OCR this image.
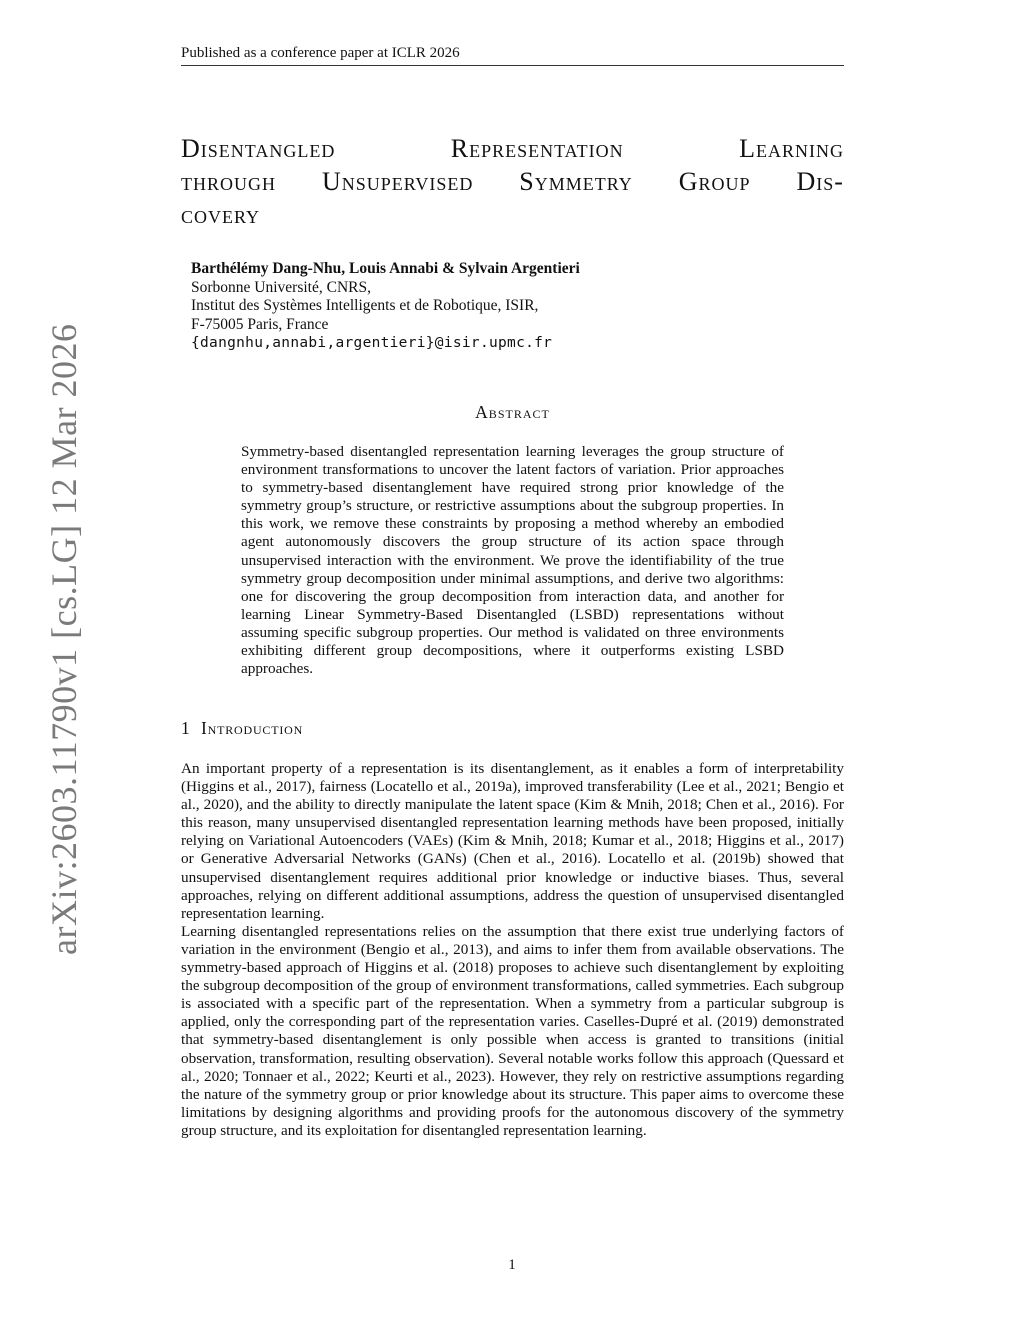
Published as a conference paper at ICLR 2026
arXiv:2603.11790v1 [cs.LG] 12 Mar 2026
Disentangled	Representation	Learning
through Unsupervised Symmetry Group Dis-
covery
Barthélémy Dang-Nhu, Louis Annabi & Sylvain Argentieri
Sorbonne Université, CNRS,
Institut des Systèmes Intelligents et de Robotique, ISIR,
F-75005 Paris, France
{dangnhu,annabi,argentieri}@isir.upmc.fr
Abstract
Symmetry-based disentangled representation learning leverages the group structure of environment transformations to uncover the latent factors of variation. Prior approaches to symmetry-based disentanglement have required strong prior knowledge of the symmetry group’s structure, or restrictive assumptions about the subgroup properties. In this work, we remove these constraints by proposing a method whereby an embodied agent autonomously discovers the group structure of its action space through unsupervised interaction with the environment. We prove the identifiability of the true symmetry group decomposition under minimal assumptions, and derive two algorithms: one for discovering the group decomposition from interaction data, and another for learning Linear Symmetry-Based Disentangled (LSBD) representations without assuming specific subgroup properties. Our method is validated on three environments exhibiting different group decompositions, where it outperforms existing LSBD approaches.
1 Introduction

An important property of a representation is its disentanglement, as it enables a form of interpretability (Higgins et al., 2017), fairness (Locatello et al., 2019a), improved transferability (Lee et al., 2021; Bengio et al., 2020), and the ability to directly manipulate the latent space (Kim & Mnih, 2018; Chen et al., 2016). For this reason, many unsupervised disentangled representation learning methods have been proposed, initially relying on Variational Autoencoders (VAEs) (Kim & Mnih, 2018; Kumar et al., 2018; Higgins et al., 2017) or Generative Adversarial Networks (GANs) (Chen et al., 2016). Locatello et al. (2019b) showed that unsupervised disentanglement requires additional prior knowledge or inductive biases. Thus, several approaches, relying on different additional assumptions, address the question of unsupervised disentangled representation learning.

Learning disentangled representations relies on the assumption that there exist true underlying factors of variation in the environment (Bengio et al., 2013), and aims to infer them from available observations. The symmetry-based approach of Higgins et al. (2018) proposes to achieve such disentanglement by exploiting the subgroup decomposition of the group of environment transformations, called symmetries. Each subgroup is associated with a specific part of the representation. When a symmetry from a particular subgroup is applied, only the corresponding part of the representation varies. Caselles-Dupré et al. (2019) demonstrated that symmetry-based disentanglement is only possible when access is granted to transitions (initial observation, transformation, resulting observation). Several notable works follow this approach (Quessard et al., 2020; Tonnaer et al., 2022; Keurti et al., 2023). However, they rely on restrictive assumptions regarding the nature of the symmetry group or prior knowledge about its structure. This paper aims to overcome these limitations by designing algorithms and providing proofs for the autonomous discovery of the symmetry group structure, and its exploitation for disentangled representation learning.

1
